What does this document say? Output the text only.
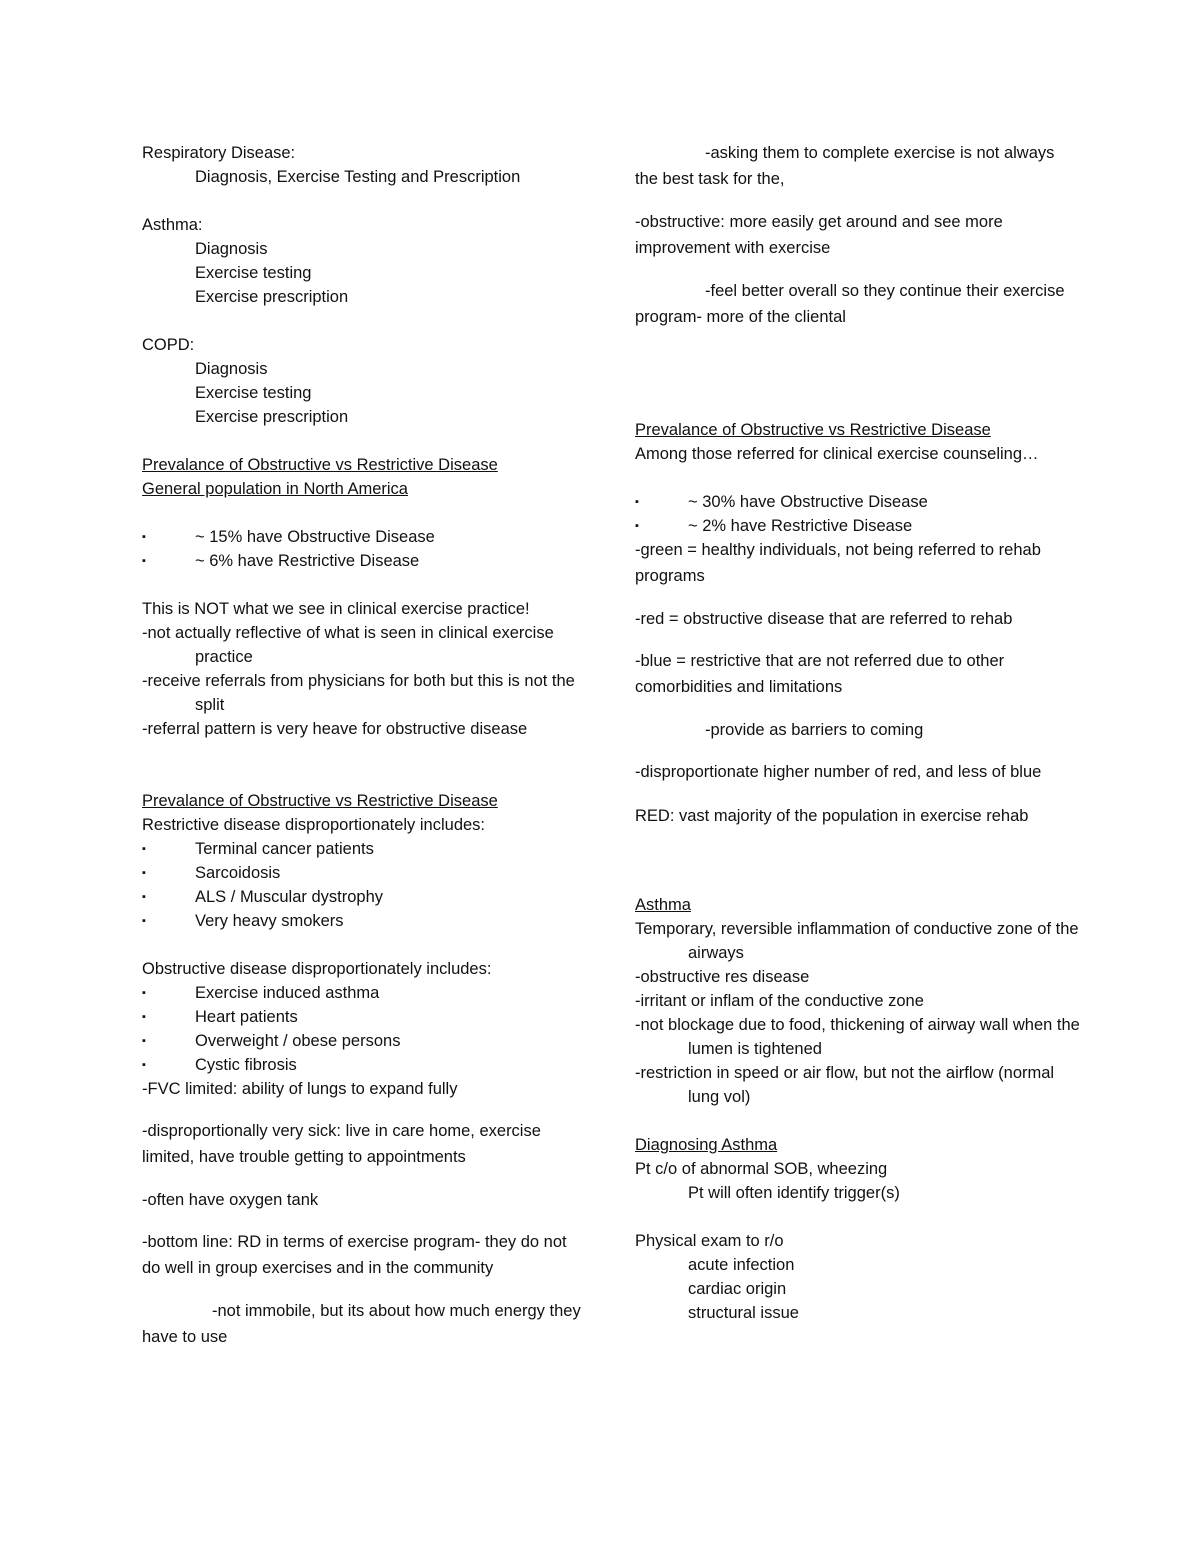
Respiratory Disease:
Diagnosis, Exercise Testing and Prescription
Asthma:
Diagnosis
Exercise testing
Exercise prescription
COPD:
Diagnosis
Exercise testing
Exercise prescription
Prevalance of Obstructive vs Restrictive Disease
General population in North America
▪	~ 15% have Obstructive Disease
▪	~ 6% have Restrictive Disease
This is NOT what we see in clinical exercise practice!
-not actually reflective of what is seen in clinical exercise practice
-receive referrals from physicians for both but this is not the split
-referral pattern is very heave for obstructive disease
Prevalance of Obstructive vs Restrictive Disease
Restrictive disease disproportionately includes:
▪	Terminal cancer patients
▪	Sarcoidosis
▪	ALS / Muscular dystrophy
▪	Very heavy smokers
Obstructive disease disproportionately includes:
▪	Exercise induced asthma
▪	Heart patients
▪	Overweight / obese persons
▪	Cystic fibrosis
-FVC limited: ability of lungs to expand fully
-disproportionally very sick: live in care home, exercise limited, have trouble getting to appointments
-often have oxygen tank
-bottom line: RD in terms of exercise program- they do not do well in group exercises and in the community
-not immobile, but its about how much energy they have to use
-asking them to complete exercise is not always the best task for the,
-obstructive: more easily get around and see more improvement with exercise
-feel better overall so they continue their exercise program- more of the cliental
Prevalance of Obstructive vs Restrictive Disease
Among those referred for clinical exercise counseling…
▪	~ 30% have Obstructive Disease
▪	~ 2% have Restrictive Disease
-green = healthy individuals, not being referred to rehab programs
-red = obstructive disease that are referred to rehab
-blue = restrictive that are not referred due to other comorbidities and limitations
-provide as barriers to coming
-disproportionate higher number of red, and less of blue
RED: vast majority of the population in exercise rehab
Asthma
Temporary, reversible inflammation of conductive zone of the airways
-obstructive res disease
-irritant or inflam of the conductive zone
-not blockage due to food, thickening of airway wall when the lumen is tightened
-restriction in speed or air flow, but not the airflow (normal lung vol)
Diagnosing Asthma
Pt c/o of abnormal SOB, wheezing
Pt will often identify trigger(s)
Physical exam to r/o
acute infection
cardiac origin
structural issue
